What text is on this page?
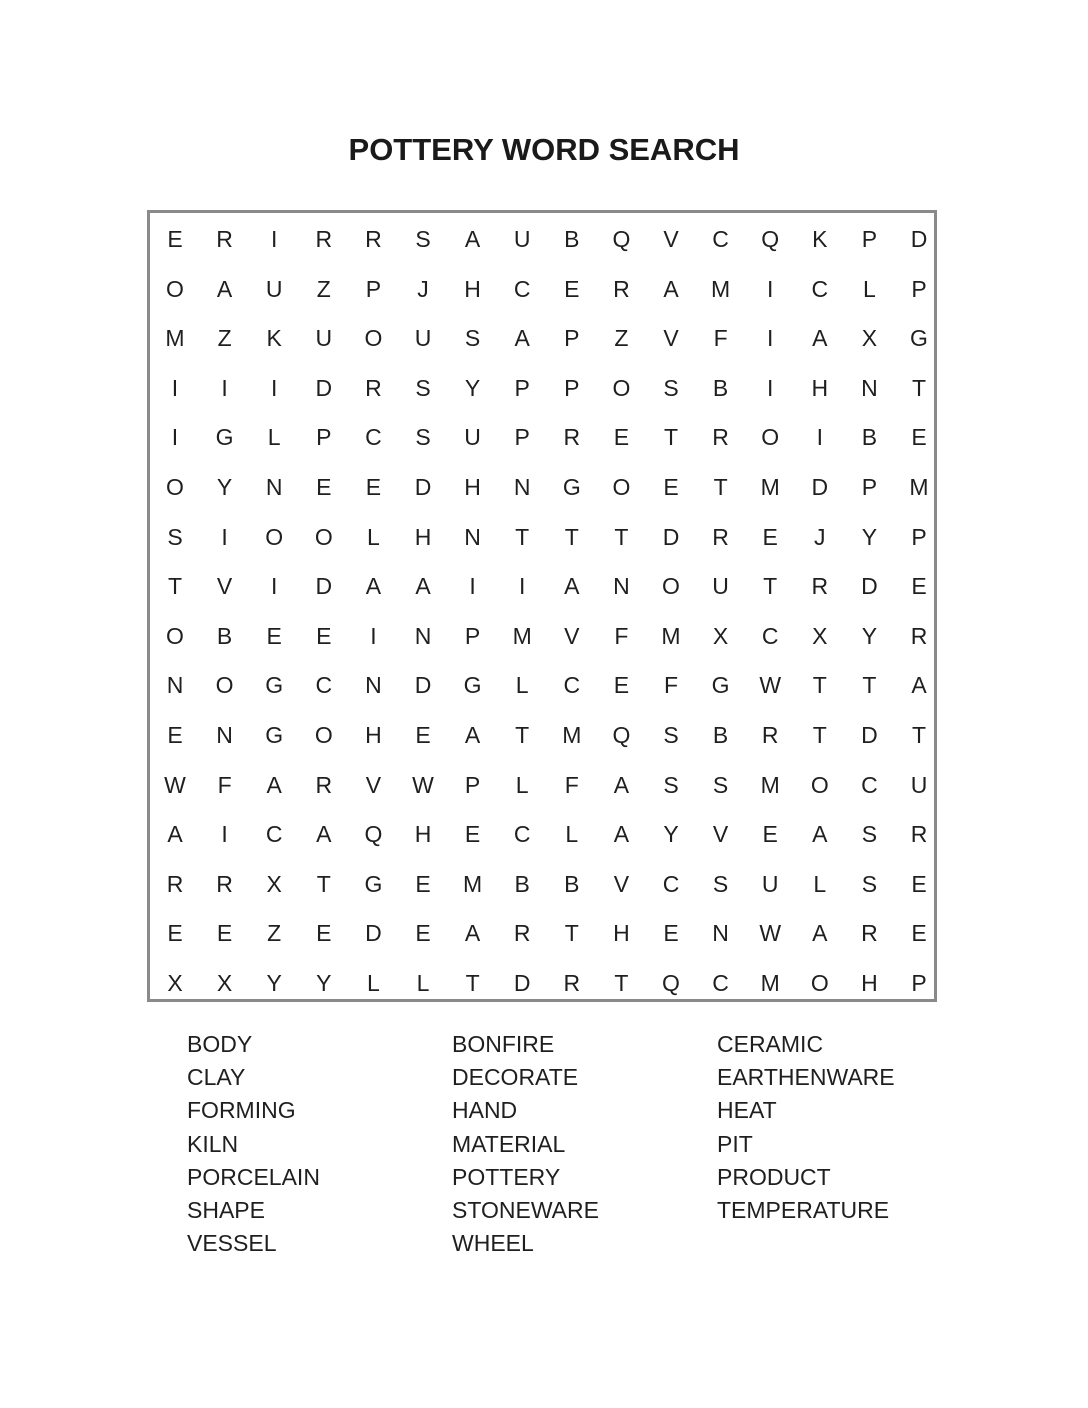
POTTERY WORD SEARCH
E	R	I	R	R	S	A	U	B	Q	V	C	Q	K	P	D
O	A	U	Z	P	J	H	C	E	R	A	M	I	C	L	P
M	Z	K	U	O	U	S	A	P	Z	V	F	I	A	X	G
I	I	I	D	R	S	Y	P	P	O	S	B	I	H	N	T
I	G	L	P	C	S	U	P	R	E	T	R	O	I	B	E
O	Y	N	E	E	D	H	N	G	O	E	T	M	D	P	M
S	I	O	O	L	H	N	T	T	T	D	R	E	J	Y	P
T	V	I	D	A	A	I	I	A	N	O	U	T	R	D	E
O	B	E	E	I	N	P	M	V	F	M	X	C	X	Y	R
N	O	G	C	N	D	G	L	C	E	F	G	W	T	T	A
E	N	G	O	H	E	A	T	M	Q	S	B	R	T	D	T
W	F	A	R	V	W	P	L	F	A	S	S	M	O	C	U
A	I	C	A	Q	H	E	C	L	A	Y	V	E	A	S	R
R	R	X	T	G	E	M	B	B	V	C	S	U	L	S	E
E	E	Z	E	D	E	A	R	T	H	E	N	W	A	R	E
X	X	Y	Y	L	L	T	D	R	T	Q	C	M	O	H	P
BODY
CLAY
FORMING
KILN
PORCELAIN
SHAPE
VESSEL
BONFIRE
DECORATE
HAND
MATERIAL
POTTERY
STONEWARE
WHEEL
CERAMIC
EARTHENWARE
HEAT
PIT
PRODUCT
TEMPERATURE
